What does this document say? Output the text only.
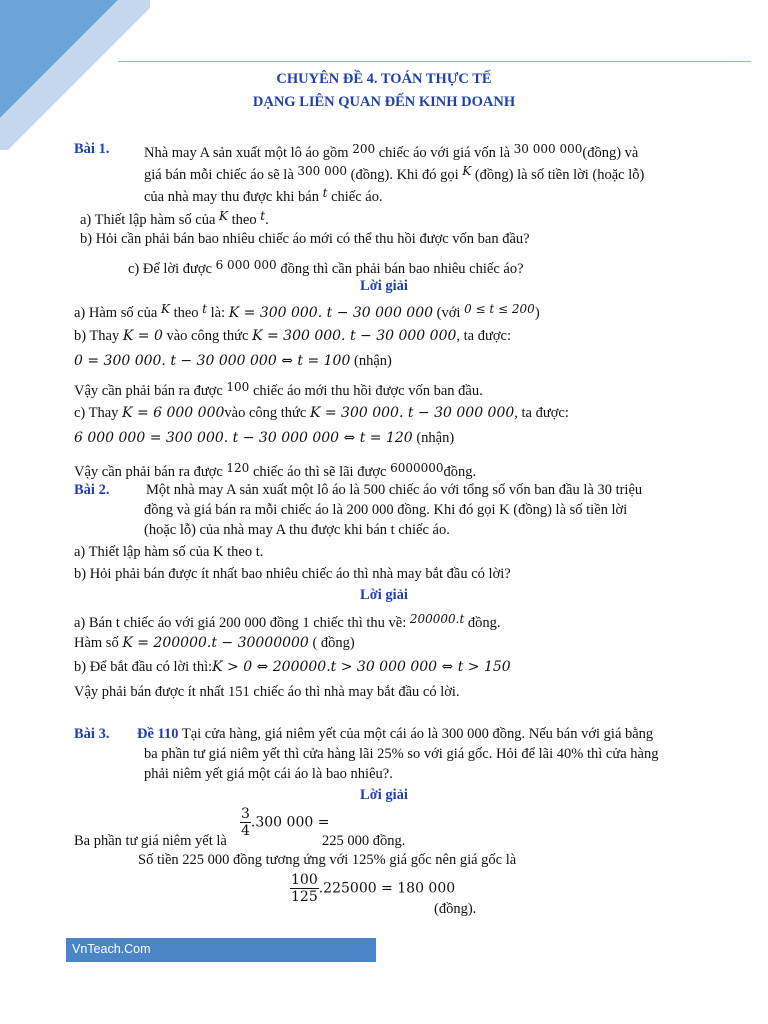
CHUYÊN ĐỀ 4. TOÁN THỰC TẾ
DẠNG LIÊN QUAN ĐẾN KINH DOANH
Bài 1. Nhà may A sản xuất một lô áo gồm $^{200}$ chiếc áo với giá vốn là $^{30 000 000}$(đồng) và
giá bán mỗi chiếc áo sẽ là $^{300 000}$ (đồng). Khi đó gọi $^K$ (đồng) là số tiền lời (hoặc lỗ)
của nhà may thu được khi bán $^t$ chiếc áo.
a) Thiết lập hàm số của $^K$ theo $^t$.
b) Hỏi cần phải bán bao nhiêu chiếc áo mới có thể thu hồi được vốn ban đầu?
c) Để lời được $^{6 000 000}$ đồng thì cần phải bán bao nhiêu chiếc áo?
Lời giải
a) Hàm số của $^K$ theo $^t$ là: K = 300 000. t − 30 000 000 (với $^{0 \le t \le 200}$)
b) Thay K = 0 vào công thức K = 300 000. t − 30 000 000, ta được:
0 = 300 000. t − 30 000 000 ⇔ t = 100 (nhận)
Vậy cần phải bán ra được $^{100}$ chiếc áo mới thu hồi được vốn ban đầu.
c) Thay K = 6 000 000vào công thức K = 300 000. t − 30 000 000, ta được:
6 000 000 = 300 000. t − 30 000 000 ⇔ t = 120 (nhận)
Vậy cần phải bán ra được $^{120}$ chiếc áo thì sẽ lãi được $^{6000000}$đồng.
Bài 2.	Một nhà may A sản xuất một lô áo là 500 chiếc áo với tổng số vốn ban đầu là 30 triệu
đồng và giá bán ra mỗi chiếc áo là 200 000 đồng. Khi đó gọi K (đồng) là số tiền lời
(hoặc lỗ) của nhà may A thu được khi bán t chiếc áo.
a) Thiết lập hàm số của K theo t.
b) Hỏi phải bán được ít nhất bao nhiêu chiếc áo thì nhà may bắt đầu có lời?
Lời giải
a) Bán t chiếc áo với giá 200 000 đồng 1 chiếc thì thu về: $^{200000.t}$ đồng.
Hàm số K = 200000.t − 30000000 ( đồng)
b) Để bắt đầu có lời thì:K > 0 ⇔ 200000.t > 30 000 000 ⇔ t > 150
Vậy phải bán được ít nhất 151 chiếc áo thì nhà may bắt đầu có lời.
Bài 3. Đề 110 Tại cửa hàng, giá niêm yết của một cái áo là 300 000 đồng. Nếu bán với giá bằng
ba phần tư giá niêm yết thì cửa hàng lãi 25% so với giá gốc. Hỏi để lãi 40% thì cửa hàng
phải niêm yết giá một cái áo là bao nhiêu?.
Lời giải
Ba phần tư giá niêm yết là
$\frac{3}{4} .300$ 000 =
225 000 đồng.
Số tiền 225 000 đồng tương ứng với 125% giá gốc nên giá gốc là
$\frac{100}{125} .225000 = 180$ 000
(đồng).
VnTeach.Com
